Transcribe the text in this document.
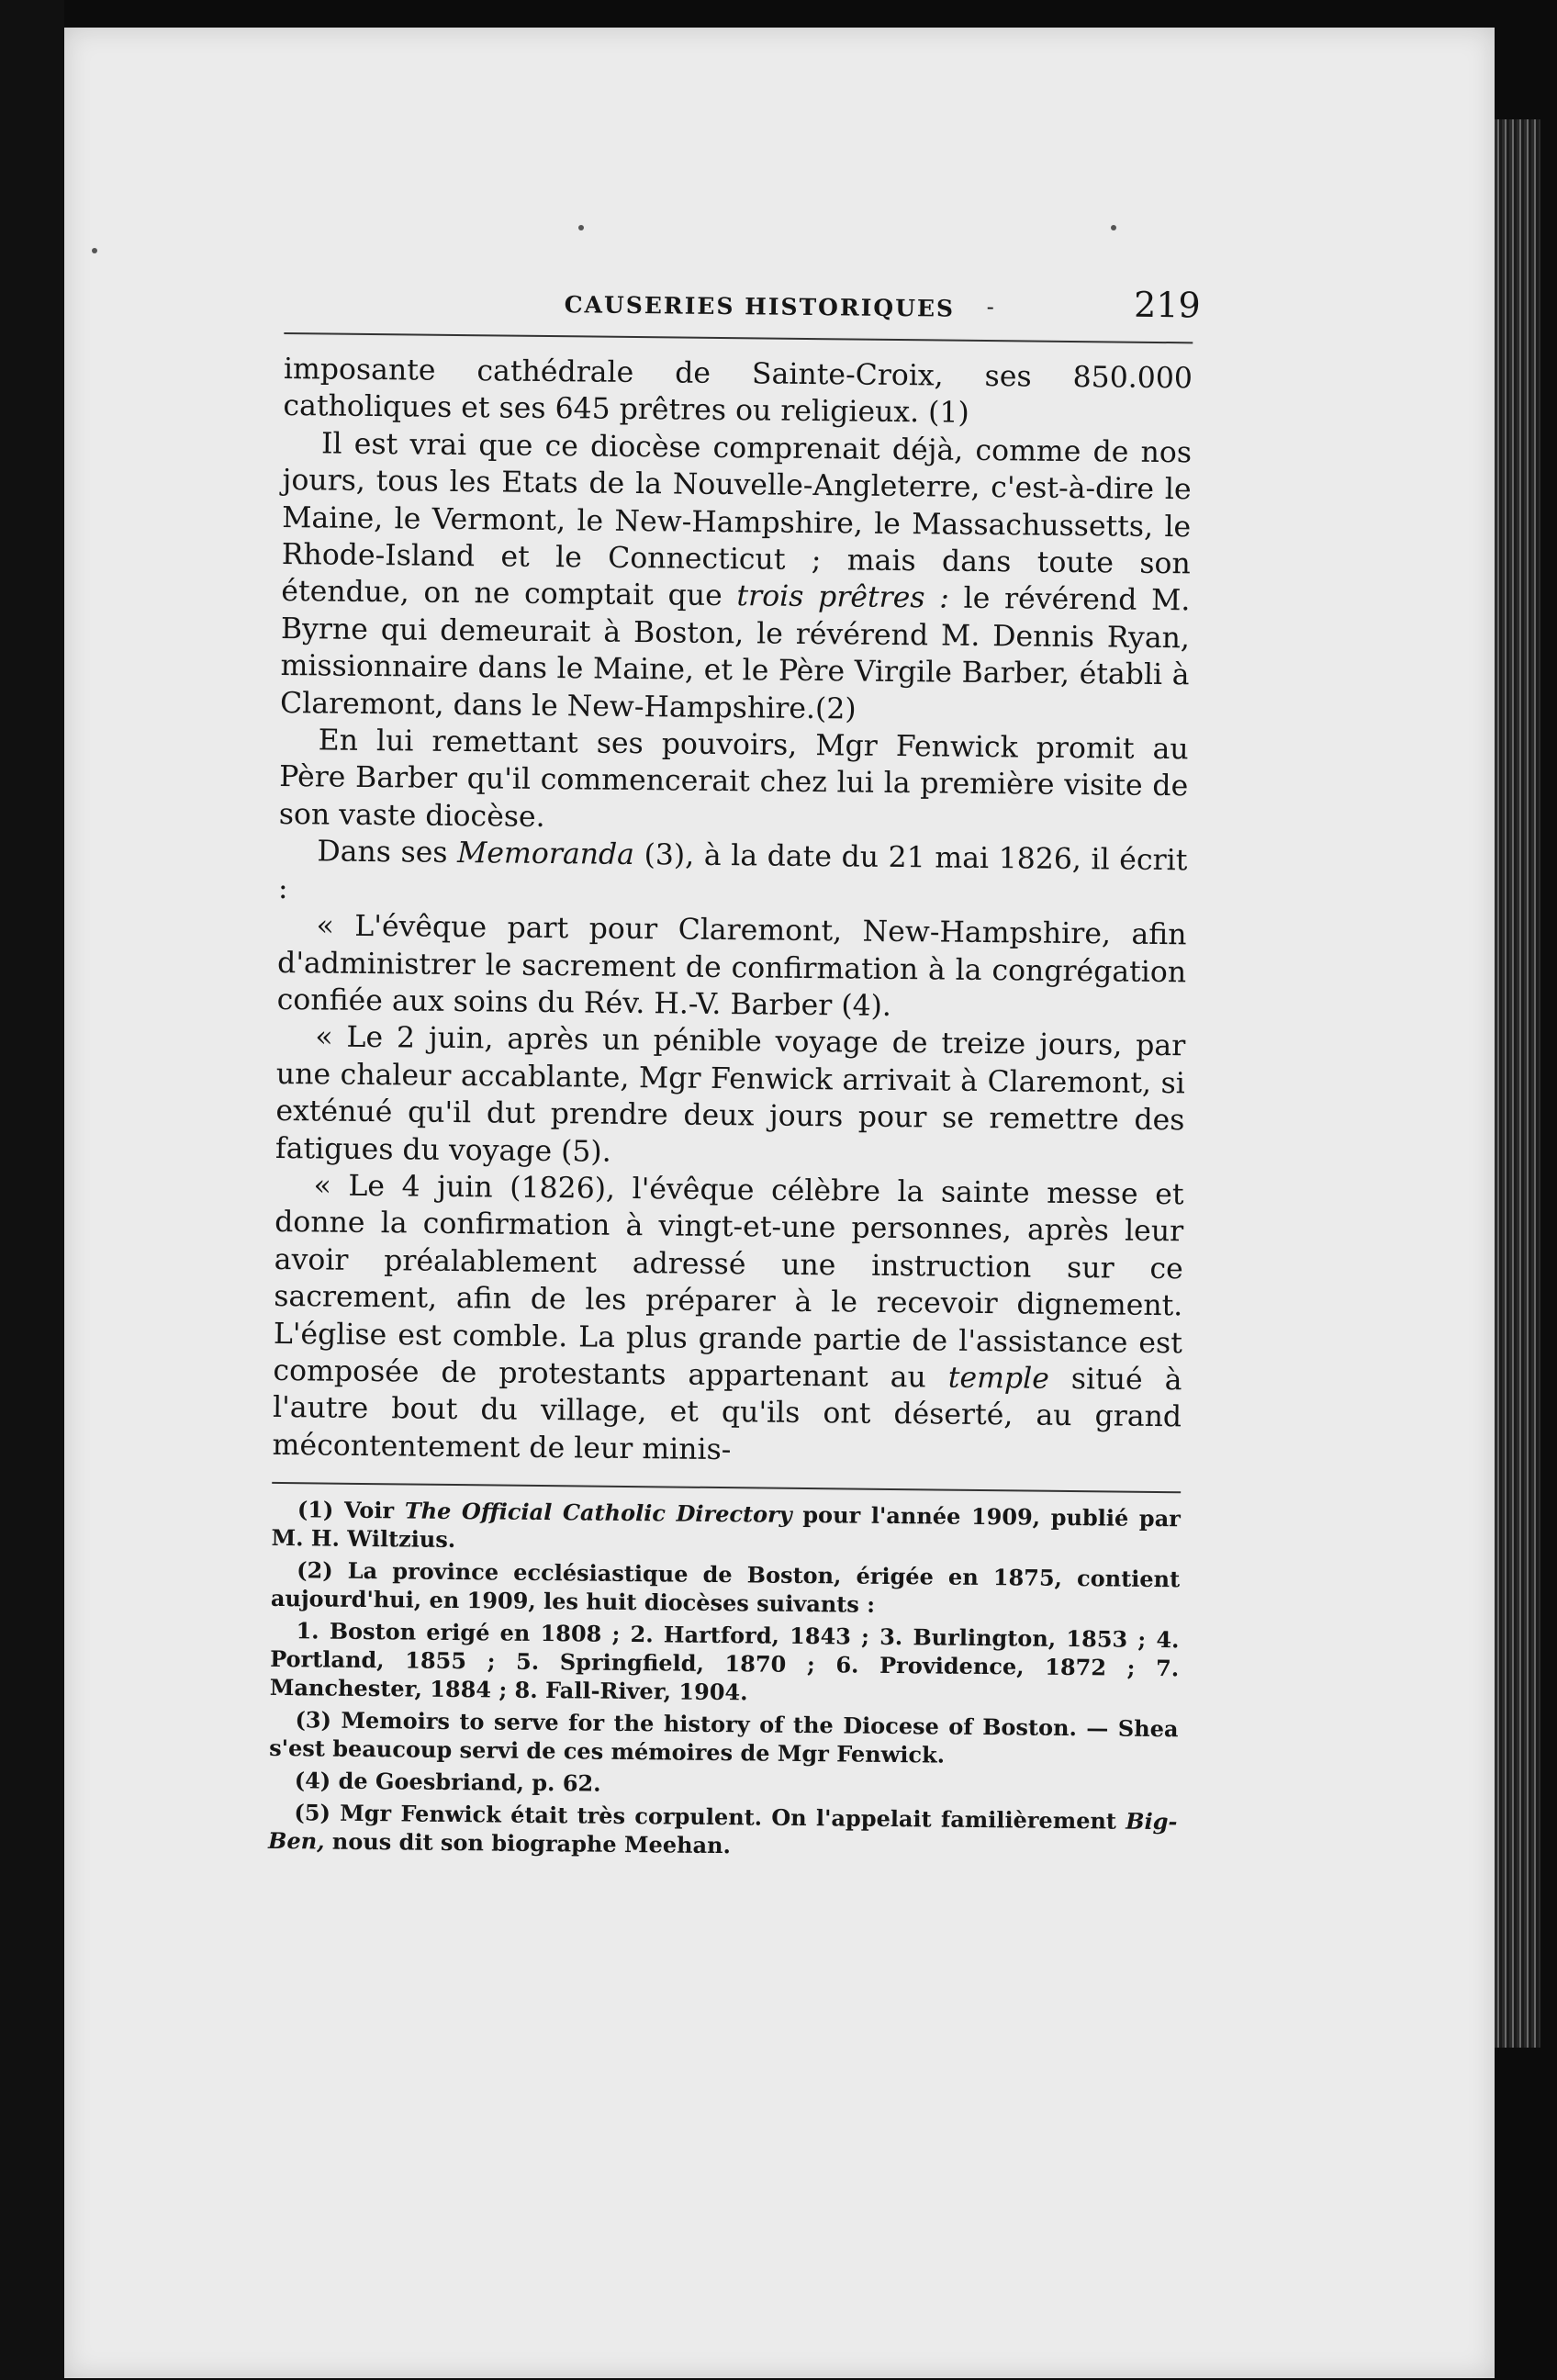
CAUSERIES HISTORIQUES -	219

imposante cathédrale de Sainte-Croix, ses 850.000 catholiques et ses 645 prêtres ou religieux. (1)

Il est vrai que ce diocèse comprenait déjà, comme de nos jours, tous les Etats de la Nouvelle-Angleterre, c'est-à-dire le Maine, le Vermont, le New-Hampshire, le Massachussetts, le Rhode-Island et le Connecticut ; mais dans toute son étendue, on ne comptait que trois prêtres : le révérend M. Byrne qui demeurait à Boston, le révérend M. Dennis Ryan, missionnaire dans le Maine, et le Père Virgile Barber, établi à Claremont, dans le New-Hampshire.(2)

En lui remettant ses pouvoirs, Mgr Fenwick promit au Père Barber qu'il commencerait chez lui la première visite de son vaste diocèse.

Dans ses Memoranda (3), à la date du 21 mai 1826, il écrit :

« L'évêque part pour Claremont, New-Hampshire, afin d'administrer le sacrement de confirmation à la congrégation confiée aux soins du Rév. H.-V. Barber (4).

« Le 2 juin, après un pénible voyage de treize jours, par une chaleur accablante, Mgr Fenwick arrivait à Claremont, si exténué qu'il dut prendre deux jours pour se remettre des fatigues du voyage (5).

« Le 4 juin (1826), l'évêque célèbre la sainte messe et donne la confirmation à vingt-et-une personnes, après leur avoir préalablement adressé une instruction sur ce sacrement, afin de les préparer à le recevoir dignement. L'église est comble. La plus grande partie de l'assistance est composée de protestants appartenant au temple situé à l'autre bout du village, et qu'ils ont déserté, au grand mécontentement de leur minis-

(1) Voir The Official Catholic Directory pour l'année 1909, publié par M. H. Wiltzius.

(2) La province ecclésiastique de Boston, érigée en 1875, contient aujourd'hui, en 1909, les huit diocèses suivants :

1. Boston erigé en 1808 ; 2. Hartford, 1843 ; 3. Burlington, 1853 ; 4. Portland, 1855 ; 5. Springfield, 1870 ; 6. Providence, 1872 ; 7. Manchester, 1884 ; 8. Fall-River, 1904.

(3) Memoirs to serve for the history of the Diocese of Boston. — Shea s'est beaucoup servi de ces mémoires de Mgr Fenwick.

(4) de Goesbriand, p. 62.

(5) Mgr Fenwick était très corpulent. On l'appelait familièrement Big-Ben, nous dit son biographe Meehan.
